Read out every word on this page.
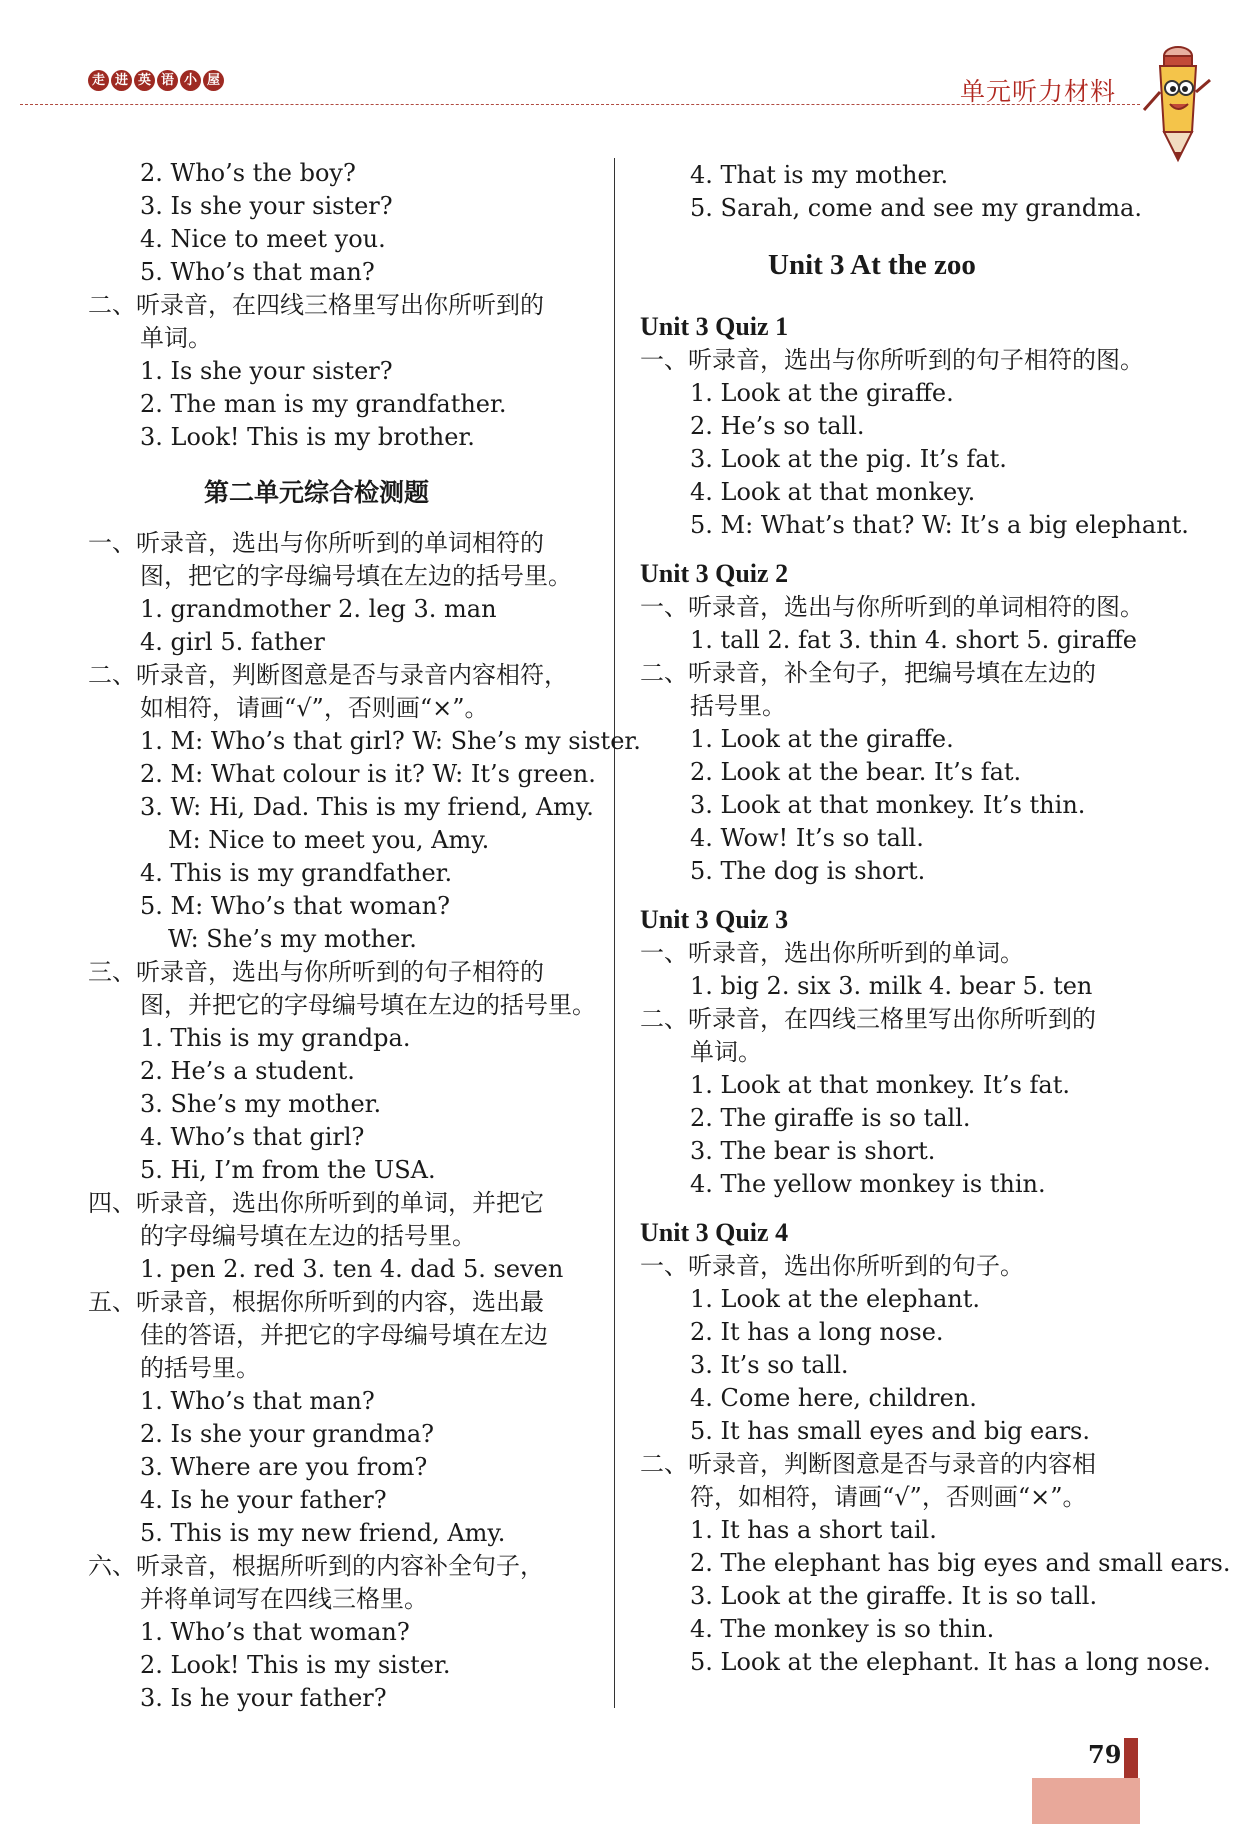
走 进 英 语 小 屋	单元听力材料
2. Who’s the boy?
3. Is she your sister?
4. Nice to meet you.
5. Who’s that man?
二、听录音，在四线三格里写出你所听到的
单词。
1. Is she your sister?
2. The man is my grandfather.
3. Look! This is my brother.
第二单元综合检测题
一、听录音，选出与你所听到的单词相符的
图，把它的字母编号填在左边的括号里。
1. grandmother 2. leg 3. man
4. girl 5. father
二、听录音，判断图意是否与录音内容相符，
如相符，请画“√”，否则画“×”。
1. M: Who’s that girl? W: She’s my sister.
2. M: What colour is it? W: It’s green.
3. W: Hi, Dad. This is my friend, Amy.
M: Nice to meet you, Amy.
4. This is my grandfather.
5. M: Who’s that woman?
W: She’s my mother.
三、听录音，选出与你所听到的句子相符的
图，并把它的字母编号填在左边的括号里。
1. This is my grandpa.
2. He’s a student.
3. She’s my mother.
4. Who’s that girl?
5. Hi, I’m from the USA.
四、听录音，选出你所听到的单词，并把它
的字母编号填在左边的括号里。
1. pen 2. red 3. ten 4. dad 5. seven
五、听录音，根据你所听到的内容，选出最
佳的答语，并把它的字母编号填在左边
的括号里。
1. Who’s that man?
2. Is she your grandma?
3. Where are you from?
4. Is he your father?
5. This is my new friend, Amy.
六、听录音，根据所听到的内容补全句子，
并将单词写在四线三格里。
1. Who’s that woman?
2. Look! This is my sister.
3. Is he your father?
4. That is my mother.
5. Sarah, come and see my grandma.
Unit 3 At the zoo
Unit 3 Quiz 1
一、听录音，选出与你所听到的句子相符的图。
1. Look at the giraffe.
2. He’s so tall.
3. Look at the pig. It’s fat.
4. Look at that monkey.
5. M: What’s that? W: It’s a big elephant.
Unit 3 Quiz 2
一、听录音，选出与你所听到的单词相符的图。
1. tall 2. fat 3. thin 4. short 5. giraffe
二、听录音，补全句子，把编号填在左边的
括号里。
1. Look at the giraffe.
2. Look at the bear. It’s fat.
3. Look at that monkey. It’s thin.
4. Wow! It’s so tall.
5. The dog is short.
Unit 3 Quiz 3
一、听录音，选出你所听到的单词。
1. big 2. six 3. milk 4. bear 5. ten
二、听录音，在四线三格里写出你所听到的
单词。
1. Look at that monkey. It’s fat.
2. The giraffe is so tall.
3. The bear is short.
4. The yellow monkey is thin.
Unit 3 Quiz 4
一、听录音，选出你所听到的句子。
1. Look at the elephant.
2. It has a long nose.
3. It’s so tall.
4. Come here, children.
5. It has small eyes and big ears.
二、听录音，判断图意是否与录音的内容相
符，如相符，请画“√”，否则画“×”。
1. It has a short tail.
2. The elephant has big eyes and small ears.
3. Look at the giraffe. It is so tall.
4. The monkey is so thin.
5. Look at the elephant. It has a long nose.
79
